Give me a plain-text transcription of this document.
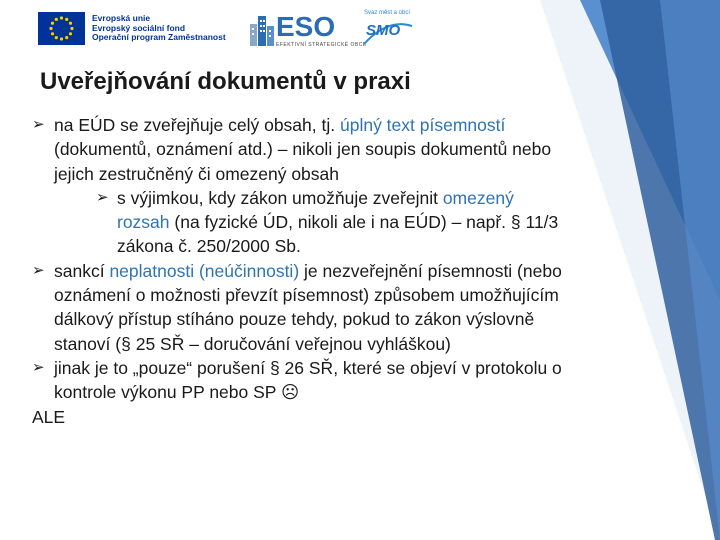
Evropská unie
Evropský sociální fond
Operační program Zaměstnanost ESO
EFEKTIVNÍ STRATEGICKÉ OBCE
Svaz měst a obcí
SMO
Uveřejňování dokumentů v praxi

➢ na EÚD se zveřejňuje celý obsah, tj. úplný text písemností (dokumentů, oznámení atd.) – nikoli jen soupis dokumentů nebo jejich zestručněný či omezený obsah

➢ s výjimkou, kdy zákon umožňuje zveřejnit omezený rozsah (na fyzické ÚD, nikoli ale i na EÚD) – např. § 11/3 zákona č. 250/2000 Sb.

➢ sankcí neplatnosti (neúčinnosti) je nezveřejnění písemnosti (nebo oznámení o možnosti převzít písemnost) způsobem umožňujícím dálkový přístup stíháno pouze tehdy, pokud to zákon výslovně stanoví (§ 25 SŘ – doručování veřejnou vyhláškou)

➢ jinak je to „pouze“ porušení § 26 SŘ, které se objeví v protokolu o kontrole výkonu PP nebo SP ☹

ALE
